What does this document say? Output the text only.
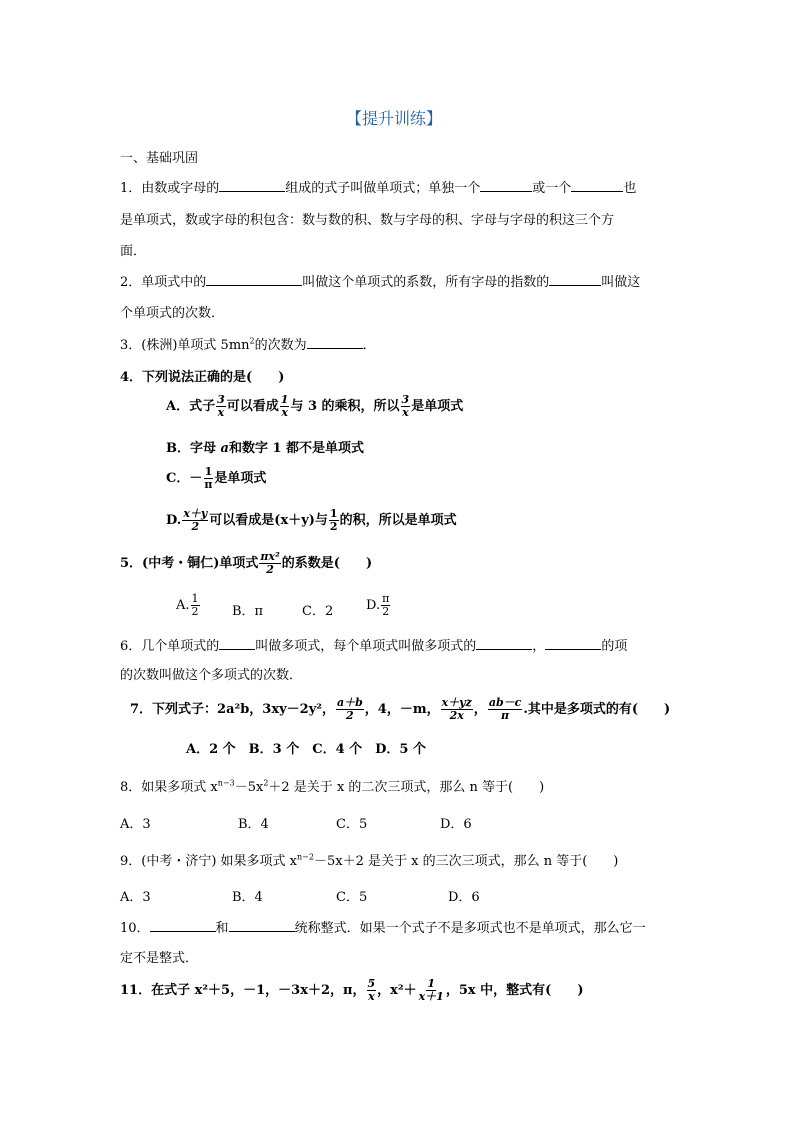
【提升训练】
一、基础巩固
1．由数或字母的	组成的式子叫做单项式；单独一个	或一个	也
是单项式，数或字母的积包含：数与数的积、数与字母的积、字母与字母的积这三个方
面．
2．单项式中的	叫做这个单项式的系数，所有字母的指数的	叫做这
个单项式的次数．
3．(株洲)单项式 $5mn^2$的次数为	．
4．下列说法正确的是(　　)
A．式子 $\frac{3}{x}$ 可以看成 $\frac{1}{x}$ 与 3 的乘积，所以 $\frac{3}{x}$ 是单项式
B．字母 a和数字 1 都不是单项式
C．－ $\frac{1}{\pi}$ 是单项式
D. $\frac{x+y}{2}$ 可以看成是(x＋y)与 $\frac{1}{2}$ 的积，所以是单项式
5．(中考・铜仁)单项式 $\frac{\text{πx²}}{2}$ 的系数是(　　)
A. $\frac{1}{2}$ B．π	C．2	D. $\frac{\pi}{2}$
6．几个单项式的	叫做多项式，每个单项式叫做多项式的	，	的项
的次数叫做这个多项式的次数．
7．下列式子：2a²b，3xy－2y²， $\frac{a+b}{2}$ ，4，－m， $\frac{x+yz}{2x}$ ， $\frac{ab-c}{\pi}$ .其中是多项式的有(　　)
A．2 个　B．3 个　C．4 个　D．5 个
8．如果多项式 $x^{n-3}-5x^2+2$ 是关于 x 的二次三项式，那么 n 等于(　　)
A．3	B．4	C．5	D．6
9．(中考・济宁) 如果多项式 $x^{n-2}-5x+2$ 是关于 x 的三次三项式，那么 n 等于(　　)
A．3	B．4	C．5	D．6
10．	和	统称整式．如果一个式子不是多项式也不是单项式，那么它一
定不是整式．
11．在式子 x²＋5，－1，－3x＋2，π， $\frac{5}{x}$ ，$x^2+ \frac{1}{x+1}$ ，5x 中，整式有(　　)
